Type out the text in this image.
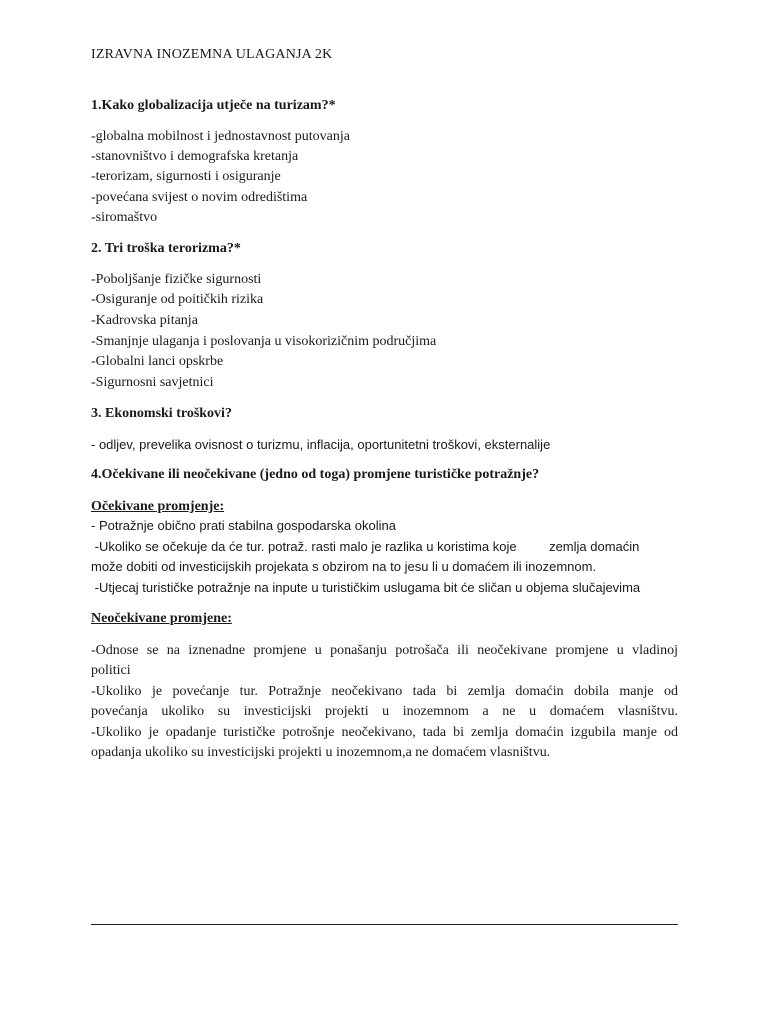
IZRAVNA INOZEMNA ULAGANJA 2K
1.Kako globalizacija utječe na turizam?*
-globalna mobilnost i jednostavnost putovanja
-stanovništvo i demografska kretanja
-terorizam, sigurnosti i osiguranje
-povećana svijest o novim odredištima
-siromaštvo
2. Tri troška terorizma?*
-Poboljšanje fizičke sigurnosti
-Osiguranje od poitičkih rizika
-Kadrovska pitanja
-Smanjnje ulaganja i poslovanja u visokorizičnim područjima
-Globalni lanci opskrbe
-Sigurnosni savjetnici
3. Ekonomski troškovi?
- odljev, prevelika ovisnost o turizmu, inflacija, oportunitetni troškovi, eksternalije
4.Očekivane ili neočekivane (jedno od toga) promjene turističke potražnje?
Očekivane promjenje:
- Potražnje obično prati stabilna gospodarska okolina
-Ukoliko se očekuje da će tur. potraž. rasti malo je razlika u koristima koje         zemlja domaćin
može dobiti od investicijskih projekata s obzirom na to jesu li u domaćem ili inozemnom.
-Utjecaj turističke potražnje na inpute u turističkim uslugama bit će sličan u objema slučajevima
Neočekivane promjene:
-Odnose se na iznenadne promjene u ponašanju potrošača ili neočekivane promjene u vladinoj
politici
-Ukoliko je povećanje tur. Potražnje neočekivano tada bi zemlja domaćin dobila manje od
povećanja ukoliko su investicijski projekti u inozemnom a ne u domaćem vlasništvu.
-Ukoliko je opadanje turističke potrošnje neočekivano, tada bi zemlja domaćin izgubila manje od
opadanja ukoliko su investicijski projekti u inozemnom,a ne domaćem vlasništvu.
